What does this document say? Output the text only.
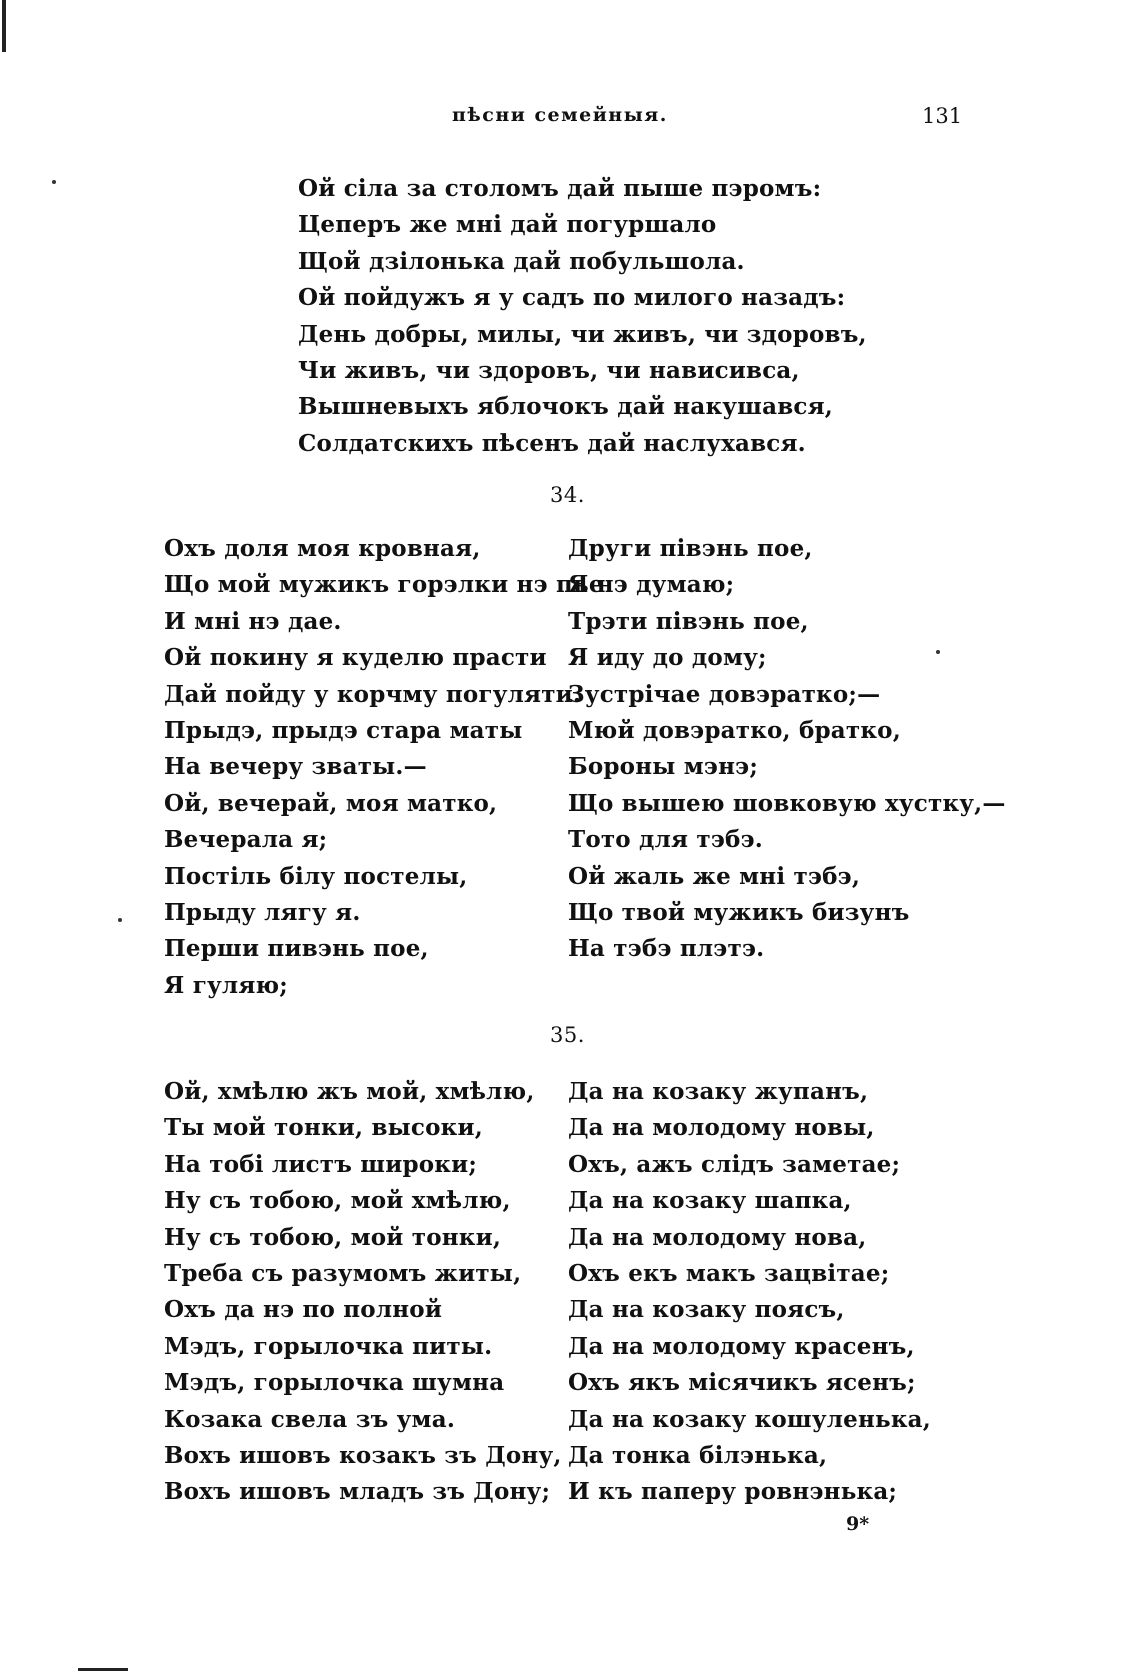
пѣсни семейныя.	131
Ой сіла за столомъ дай пыше пэромъ:
Цеперъ же мні дай погуршало
Щой дзілонька дай побульшола.
Ой пойдужъ я у садъ по милого назадъ:
День добры, милы, чи живъ, чи здоровъ,
Чи живъ, чи здоровъ, чи нависивса,
Вышневыхъ яблочокъ дай накушався,
Солдатскихъ пѣсенъ дай наслухався.
34.
Охъ доля моя кровная,
Що мой мужикъ горэлки нэ пье
И мні нэ дае.
Ой покину я куделю прасти
Дай пойду у корчму погуляти.
Прыдэ, прыдэ стара маты
На вечеру зваты.—
Ой, вечерай, моя матко,
Вечерала я;
Постіль білу постелы,
Прыду лягу я.
Перши пивэнь пое,
Я гуляю;
Други півэнь пое,
Я нэ думаю;
Трэти півэнь пое,
Я иду до дому;
Зустрічае довэратко;—
Мюй довэратко, братко,
Бороны мэнэ;
Що вышею шовковую хустку,—
Тото для тэбэ.
Ой жаль же мні тэбэ,
Що твой мужикъ бизунъ
На тэбэ плэтэ.
35.
Ой, хмѣлю жъ мой, хмѣлю,
Ты мой тонки, высоки,
На тобі листъ широки;
Ну съ тобою, мой хмѣлю,
Ну съ тобою, мой тонки,
Треба съ разумомъ житы,
Охъ да нэ по полной
Мэдъ, горылочка питы.
Мэдъ, горылочка шумна
Козака свела зъ ума.
Вохъ ишовъ козакъ зъ Дону,
Вохъ ишовъ младъ зъ Дону;
Да на козаку жупанъ,
Да на молодому новы,
Охъ, ажъ слідъ заметае;
Да на козаку шапка,
Да на молодому нова,
Охъ екъ макъ зацвітае;
Да на козаку поясъ,
Да на молодому красенъ,
Охъ якъ місячикъ ясенъ;
Да на козаку кошуленька,
Да тонка білэнька,
И къ паперу ровнэнька;
9*
